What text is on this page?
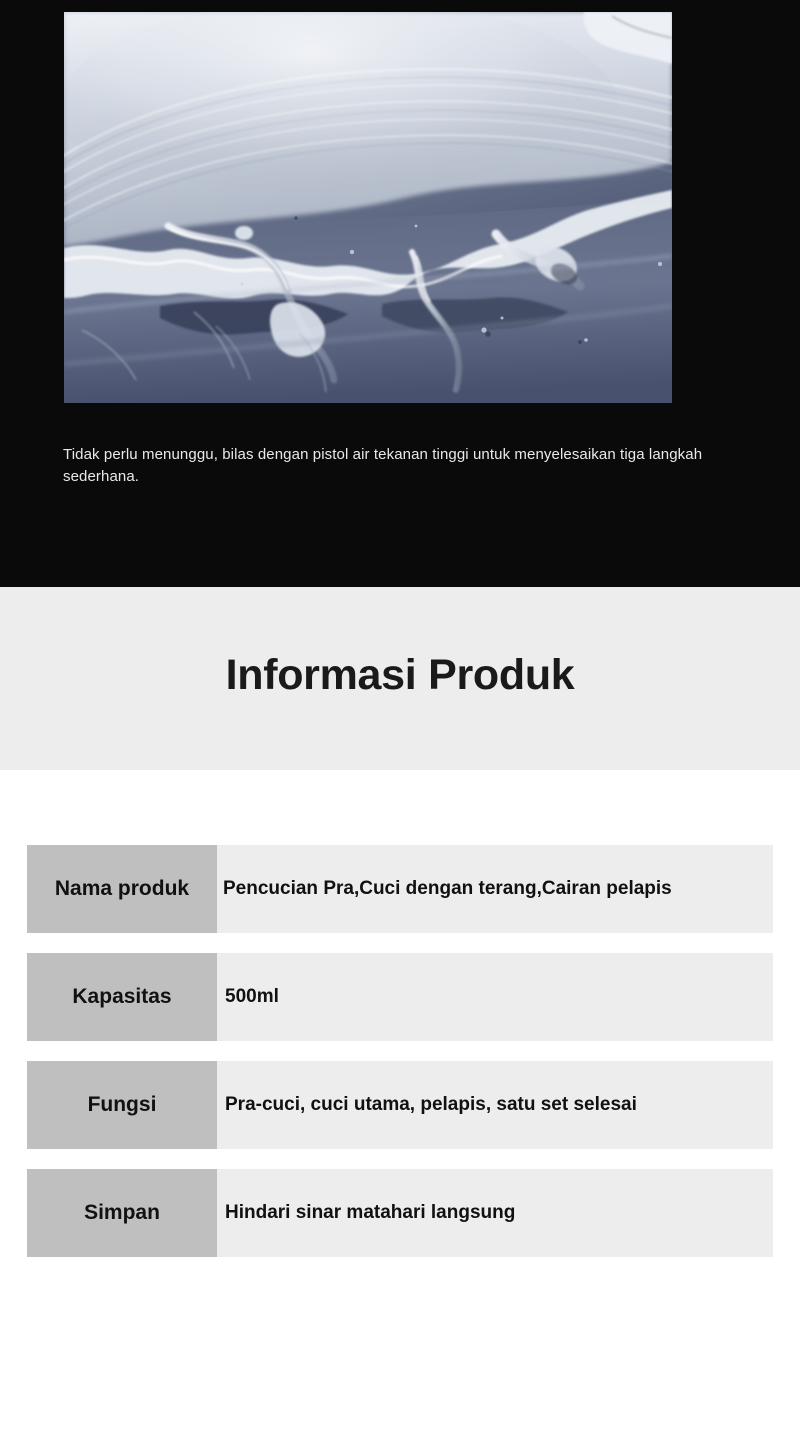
Tidak perlu menunggu, bilas dengan pistol air tekanan tinggi untuk menyelesaikan tiga langkah sederhana.

Informasi Produk
Nama produk	Pencucian Pra,Cuci dengan terang,Cairan pelapis
Kapasitas	500ml
Fungsi	Pra-cuci, cuci utama, pelapis, satu set selesai
Simpan	Hindari sinar matahari langsung
